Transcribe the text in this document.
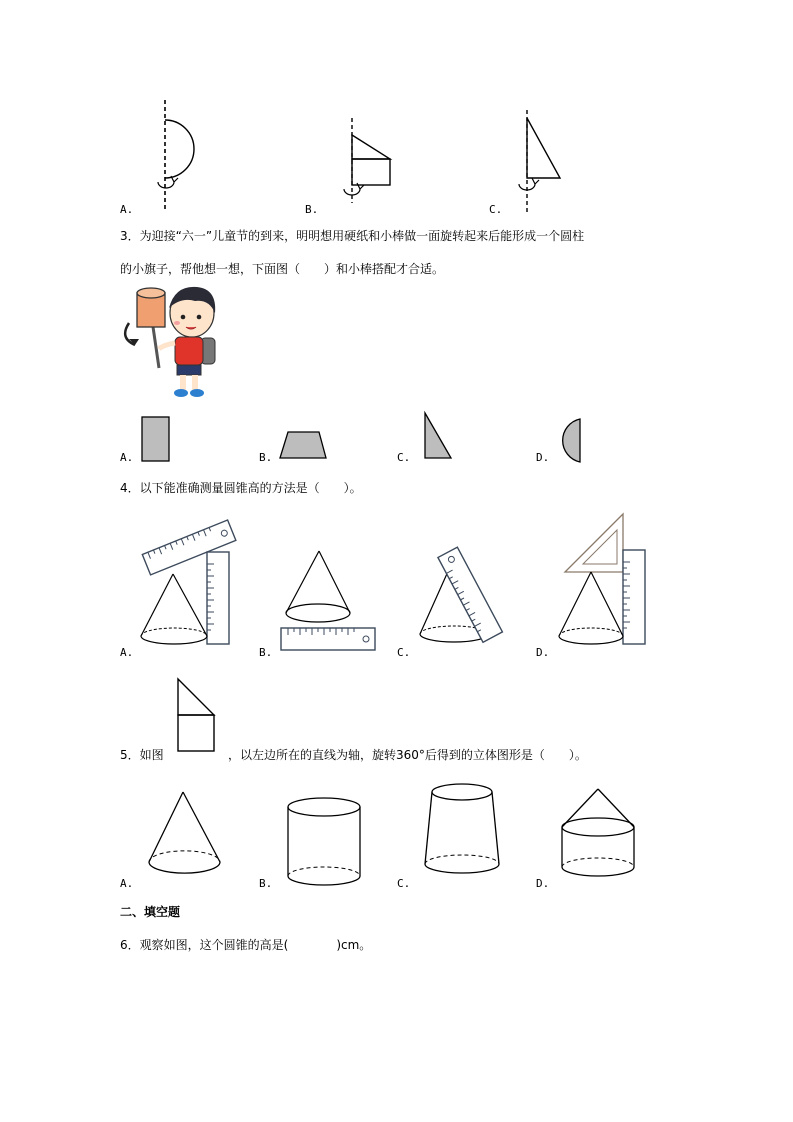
A.	B.	C.
3．为迎接“六一”儿童节的到来，明明想用硬纸和小棒做一面旋转起来后能形成一个圆柱
的小旗子，帮他想一想，下面图（　　）和小棒搭配才合适。
A.	B.	C.	D.
4．以下能准确测量圆锥高的方法是（　　）。
A.	B.	C.	D.
5．如图	，以左边所在的直线为轴，旋转360°后得到的立体图形是（　　）。
A.	B.	C.	D.
二、填空题
6．观察如图，这个圆锥的高是(　　　　)cm。
